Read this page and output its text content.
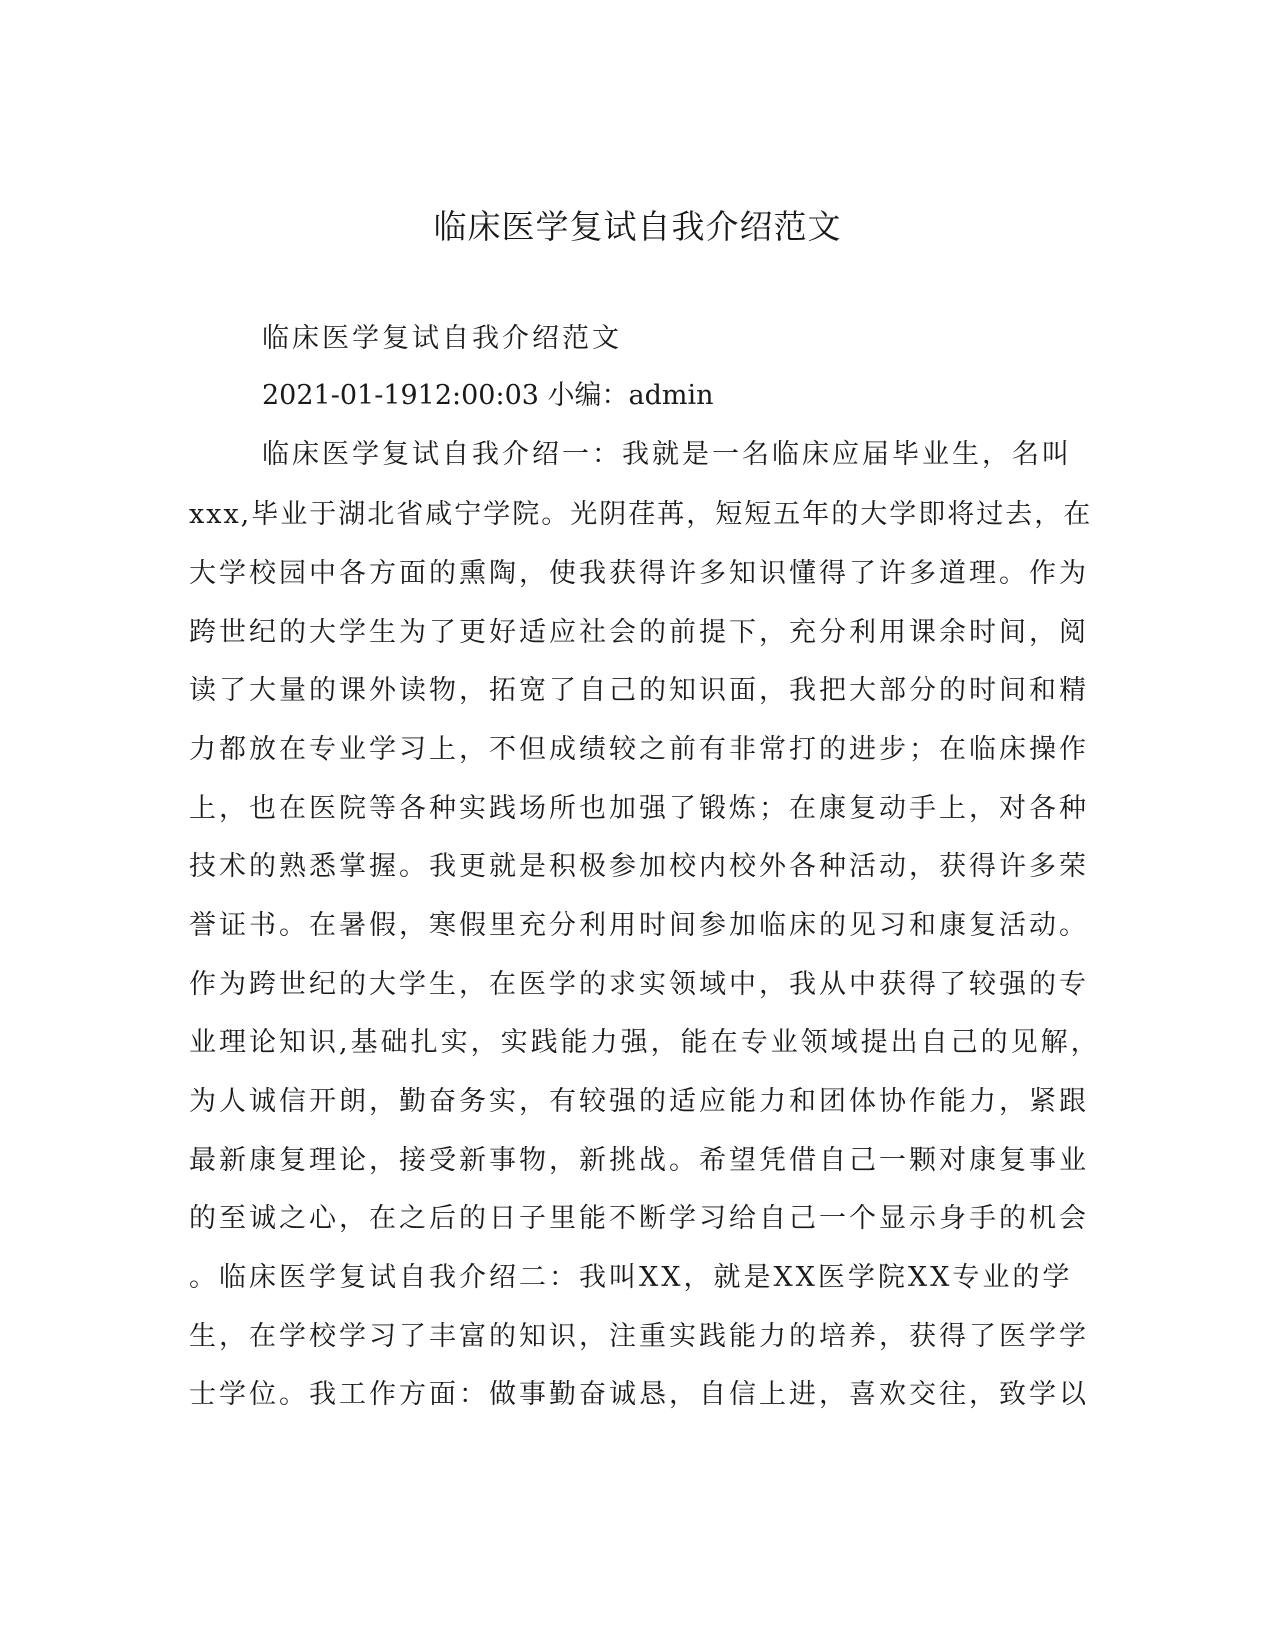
临床医学复试自我介绍范文

临床医学复试自我介绍范文

2021-01-1912:00:03 小编：admin

临床医学复试自我介绍一：我就是一名临床应届毕业生，名叫

xxx,毕业于湖北省咸宁学院。光阴荏苒，短短五年的大学即将过去，在

大学校园中各方面的熏陶，使我获得许多知识懂得了许多道理。作为

跨世纪的大学生为了更好适应社会的前提下，充分利用课余时间，阅

读了大量的课外读物，拓宽了自己的知识面，我把大部分的时间和精

力都放在专业学习上，不但成绩较之前有非常打的进步；在临床操作

上，也在医院等各种实践场所也加强了锻炼；在康复动手上，对各种

技术的熟悉掌握。我更就是积极参加校内校外各种活动，获得许多荣

誉证书。在暑假，寒假里充分利用时间参加临床的见习和康复活动。

作为跨世纪的大学生，在医学的求实领域中，我从中获得了较强的专

业理论知识,基础扎实，实践能力强，能在专业领域提出自己的见解，

为人诚信开朗，勤奋务实，有较强的适应能力和团体协作能力，紧跟

最新康复理论，接受新事物，新挑战。希望凭借自己一颗对康复事业

的至诚之心，在之后的日子里能不断学习给自己一个显示身手的机会

。临床医学复试自我介绍二：我叫XX，就是XX医学院XX专业的学

生，在学校学习了丰富的知识，注重实践能力的培养，获得了医学学

士学位。我工作方面：做事勤奋诚恳，自信上进，喜欢交往，致学以
